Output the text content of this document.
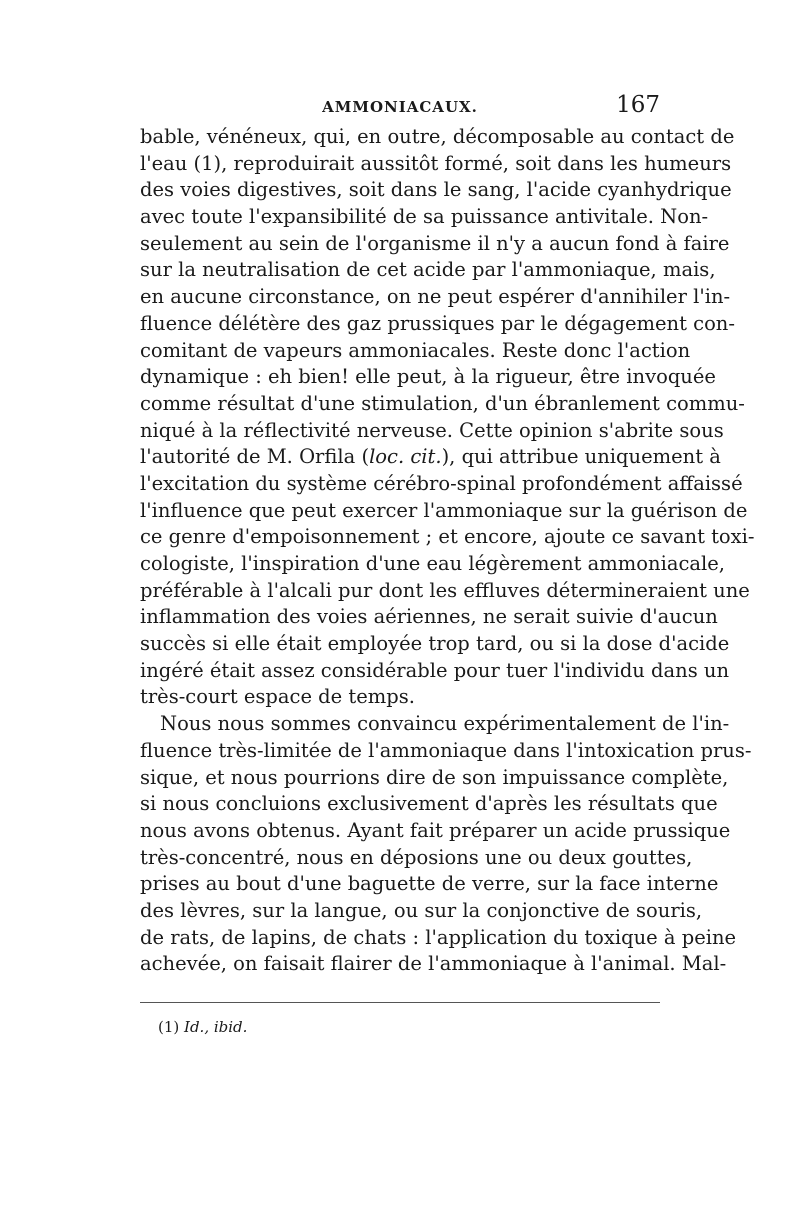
AMMONIACAUX.	167
bable, vénéneux, qui, en outre, décomposable au contact de
l'eau (1), reproduirait aussitôt formé, soit dans les humeurs
des voies digestives, soit dans le sang, l'acide cyanhydrique
avec toute l'expansibilité de sa puissance antivitale. Non-
seulement au sein de l'organisme il n'y a aucun fond à faire
sur la neutralisation de cet acide par l'ammoniaque, mais,
en aucune circonstance, on ne peut espérer d'annihiler l'in-
fluence délétère des gaz prussiques par le dégagement con-
comitant de vapeurs ammoniacales. Reste donc l'action
dynamique : eh bien! elle peut, à la rigueur, être invoquée
comme résultat d'une stimulation, d'un ébranlement commu-
niqué à la réflectivité nerveuse. Cette opinion s'abrite sous
l'autorité de M. Orfila (loc. cit.), qui attribue uniquement à
l'excitation du système cérébro-spinal profondément affaissé
l'influence que peut exercer l'ammoniaque sur la guérison de
ce genre d'empoisonnement ; et encore, ajoute ce savant toxi-
cologiste, l'inspiration d'une eau légèrement ammoniacale,
préférable à l'alcali pur dont les effluves détermineraient une
inflammation des voies aériennes, ne serait suivie d'aucun
succès si elle était employée trop tard, ou si la dose d'acide
ingéré était assez considérable pour tuer l'individu dans un
très-court espace de temps.
Nous nous sommes convaincu expérimentalement de l'in-
fluence très-limitée de l'ammoniaque dans l'intoxication prus-
sique, et nous pourrions dire de son impuissance complète,
si nous concluions exclusivement d'après les résultats que
nous avons obtenus. Ayant fait préparer un acide prussique
très-concentré, nous en déposions une ou deux gouttes,
prises au bout d'une baguette de verre, sur la face interne
des lèvres, sur la langue, ou sur la conjonctive de souris,
de rats, de lapins, de chats : l'application du toxique à peine
achevée, on faisait flairer de l'ammoniaque à l'animal. Mal-
(1) Id., ibid.
